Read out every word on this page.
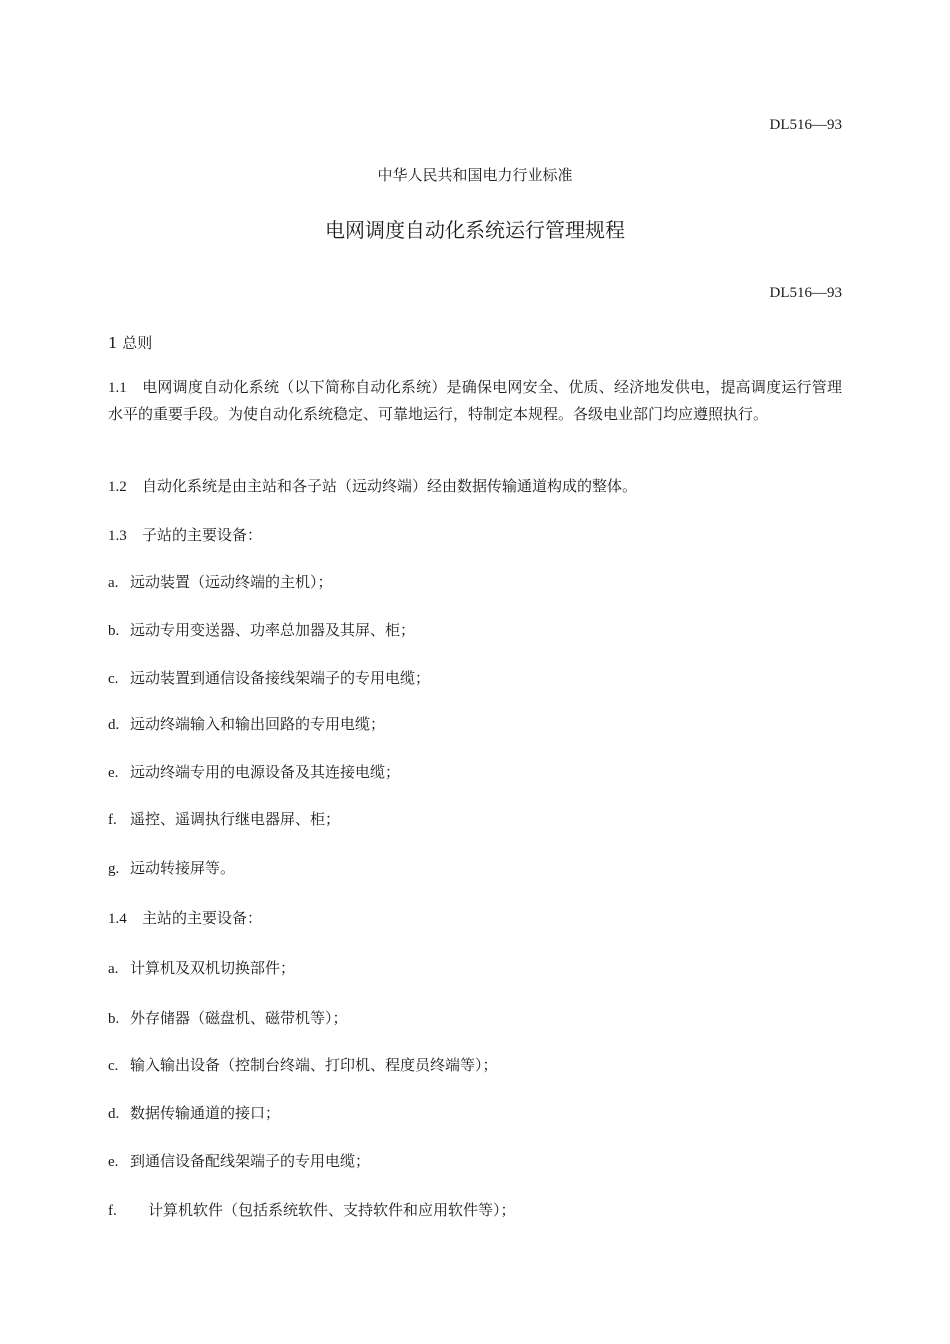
DL516—93
中华人民共和国电力行业标准
电网调度自动化系统运行管理规程
DL516—93
1 总则
1.1 电网调度自动化系统（以下简称自动化系统）是确保电网安全、优质、经济地发供电，提高调度运行管理水平的重要手段。为使自动化系统稳定、可靠地运行，特制定本规程。各级电业部门均应遵照执行。
1.2 自动化系统是由主站和各子站（远动终端）经由数据传输通道构成的整体。
1.3 子站的主要设备：
a. 远动装置（远动终端的主机）；
b. 远动专用变送器、功率总加器及其屏、柜；
c. 远动装置到通信设备接线架端子的专用电缆；
d. 远动终端输入和输出回路的专用电缆；
e. 远动终端专用的电源设备及其连接电缆；
f. 遥控、遥调执行继电器屏、柜；
g. 远动转接屏等。
1.4 主站的主要设备：
a. 计算机及双机切换部件；
b. 外存储器（磁盘机、磁带机等）；
c. 输入输出设备（控制台终端、打印机、程度员终端等）；
d. 数据传输通道的接口；
e. 到通信设备配线架端子的专用电缆；
f. 计算机软件（包括系统软件、支持软件和应用软件等）；
